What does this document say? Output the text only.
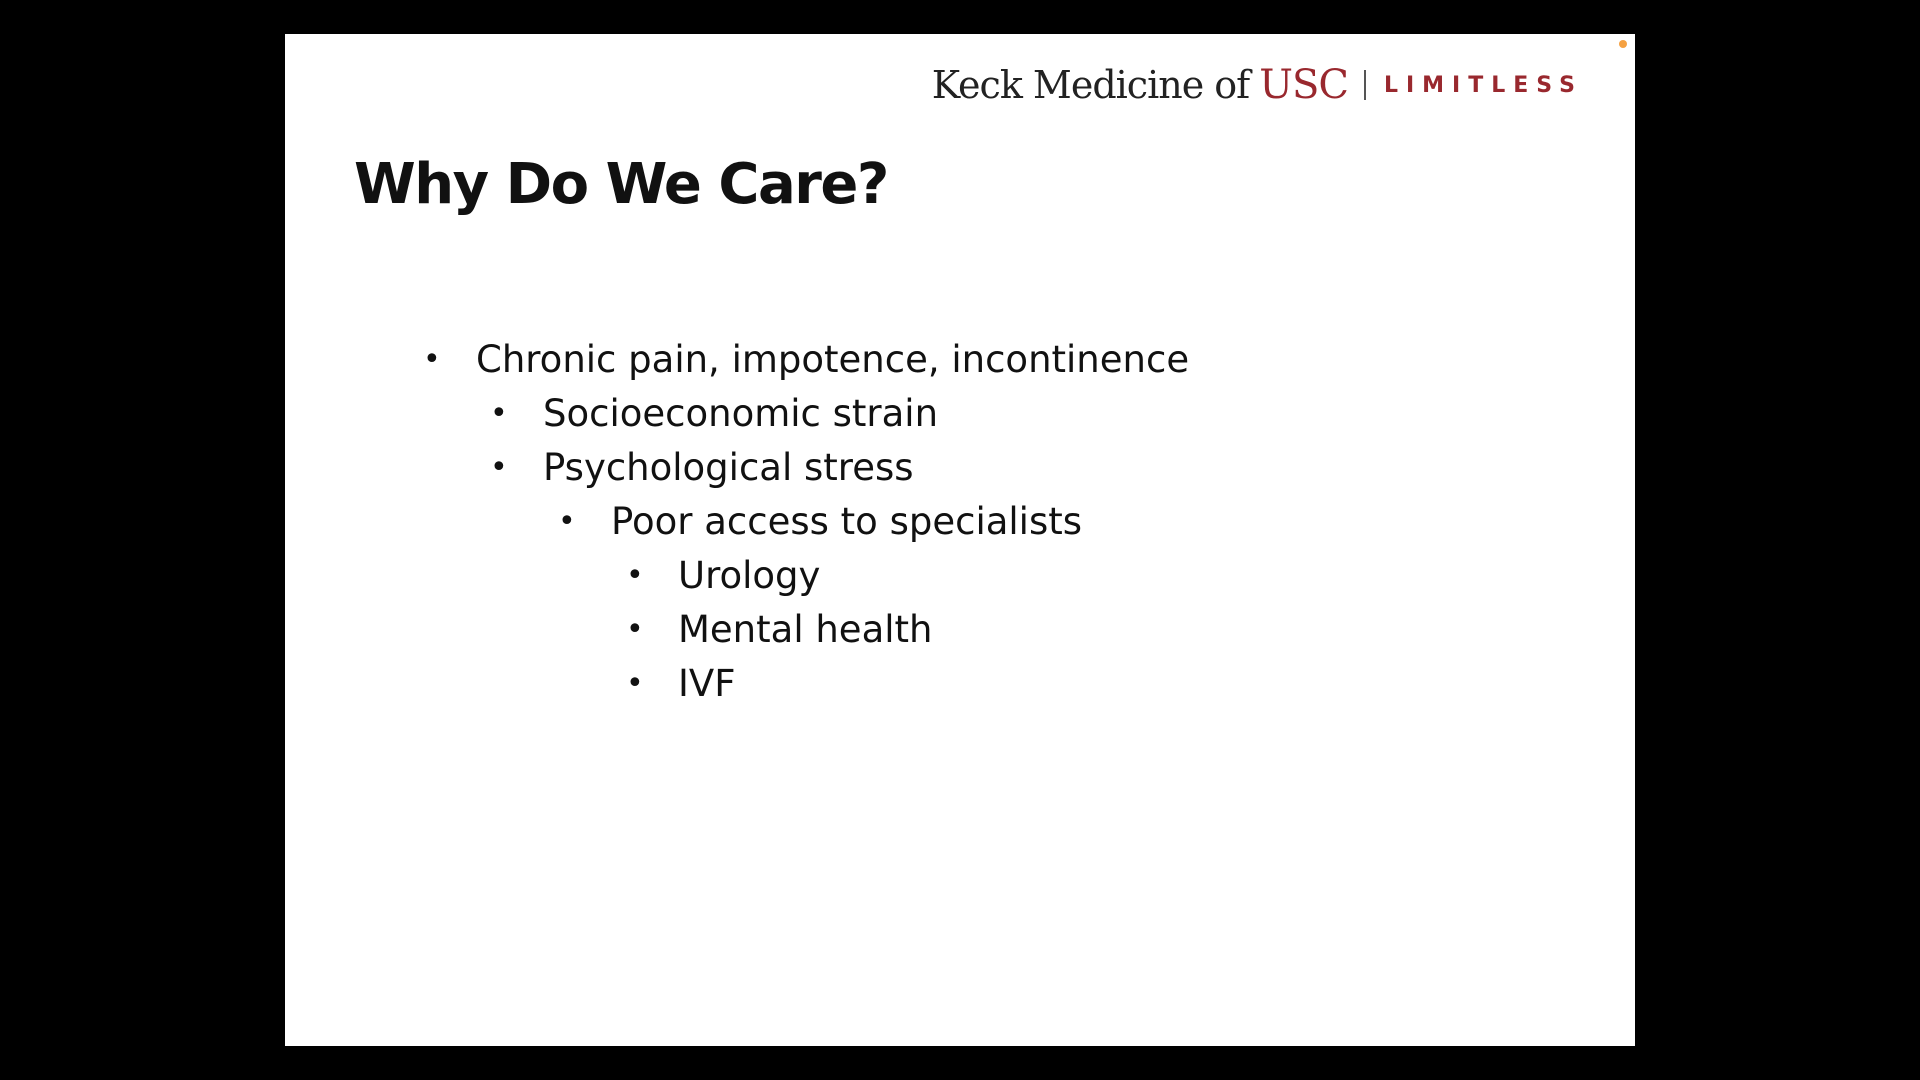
Keck Medicine of USC LIMITLESS
Why Do We Care?
• Chronic pain, impotence, incontinence
• Socioeconomic strain
• Psychological stress
• Poor access to specialists
• Urology
• Mental health
• IVF
